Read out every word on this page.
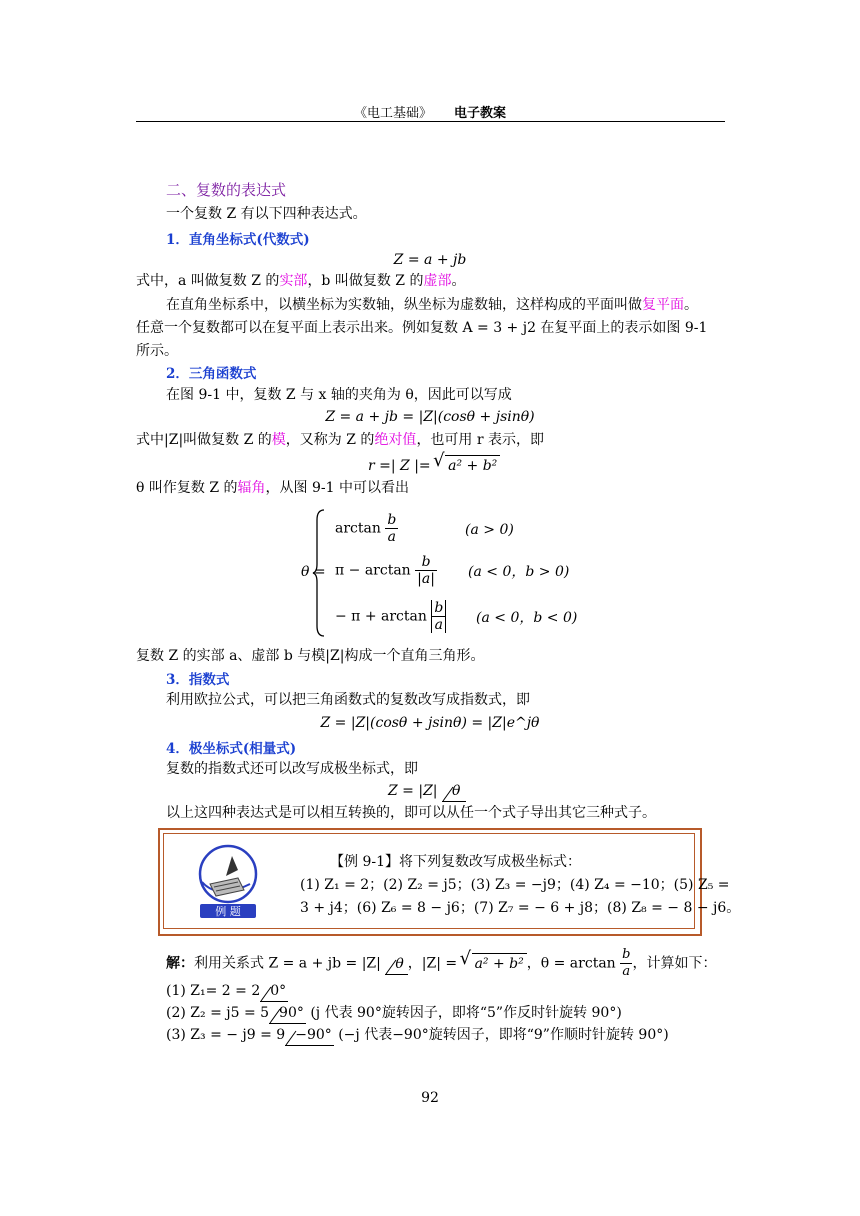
《电工基础》 电子教案
二、复数的表达式
一个复数 Z 有以下四种表达式。
1．直角坐标式(代数式)
Z = a + jb
式中，a 叫做复数 Z 的实部，b 叫做复数 Z 的虚部。
在直角坐标系中，以横坐标为实数轴，纵坐标为虚数轴，这样构成的平面叫做复平面。
任意一个复数都可以在复平面上表示出来。例如复数 A = 3 + j2 在复平面上的表示如图 9-1
所示。
2．三角函数式
在图 9-1 中，复数 Z 与 x 轴的夹角为 θ，因此可以写成
Z = a + jb = |Z|(cosθ + jsinθ)
式中|Z|叫做复数 Z 的模，又称为 Z 的绝对值，也可用 r 表示，即
r =| Z |= √ a² + b²
θ 叫作复数 Z 的辐角，从图 9-1 中可以看出
θ =
$\arctan \frac{b}{a}$	(a > 0)
$\pi - \arctan \frac{b}{|a|} (a < 0$，b > 0)
− $\pi + \arctan \frac{b}{a} (a < 0$，b < 0)
复数 Z 的实部 a、虚部 b 与模|Z|构成一个直角三角形。
3．指数式
利用欧拉公式，可以把三角函数式的复数改写成指数式，即
Z = |Z|(cosθ + jsinθ) = |Z|e^jθ
4．极坐标式(相量式)
复数的指数式还可以改写成极坐标式，即
Z = |Z| θ
以上这四种表达式是可以相互转换的，即可以从任一个式子导出其它三种式子。
例 题
【例 9-1】将下列复数改写成极坐标式：
(1) Z₁ = 2；(2) Z₂ = j5；(3) Z₃ = −j9；(4) Z₄ = −10；(5) Z₅ =
3 + j4；(6) Z₆ = 8 − j6；(7) Z₇ = − 6 + j8；(8) Z₈ = − 8 − j6。
解：利用关系式 Z = a + jb = |Z| θ ，|Z| = √ a² + b² ，$\theta = \arctan \frac{b}{a}$ ，计算如下：
(1) Z₁= 2 = 2 0°
(2) Z₂ = j5 = 5 90° (j 代表 90°旋转因子，即将“5”作反时针旋转 90°)
(3) Z₃ = − j9 = 9 −90° (−j 代表−90°旋转因子，即将“9”作顺时针旋转 90°)
92
